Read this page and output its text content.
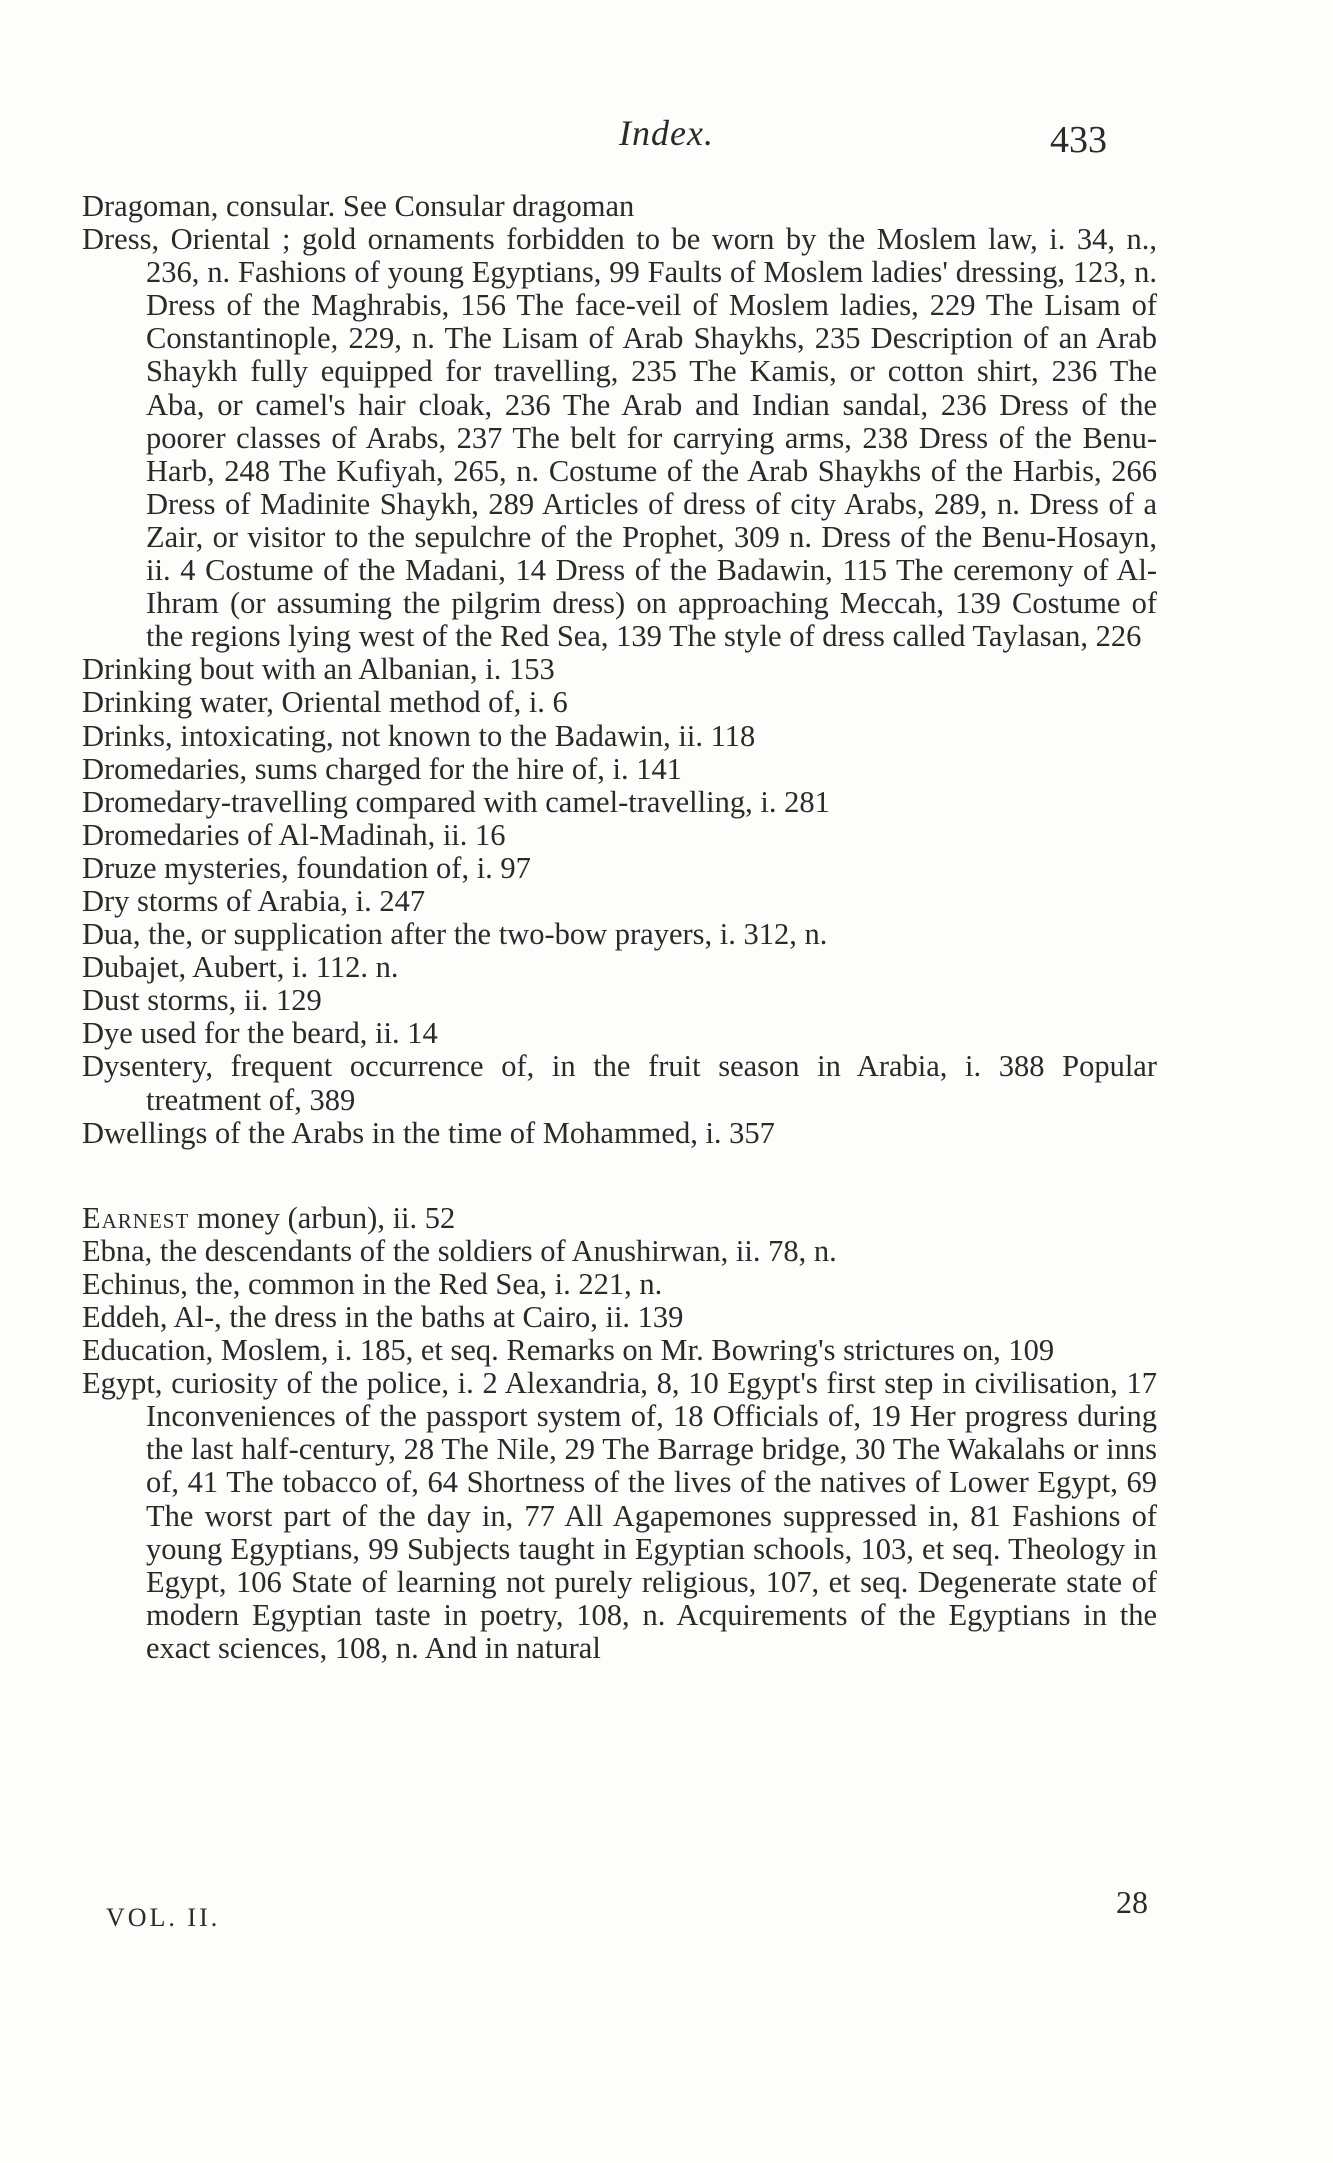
Index.	433
Dragoman, consular. See Consular dragoman
Dress, Oriental ; gold ornaments forbidden to be worn by the Moslem law, i. 34, n., 236, n. Fashions of young Egyptians, 99 Faults of Moslem ladies' dressing, 123, n. Dress of the Maghrabis, 156 The face-veil of Moslem ladies, 229 The Lisam of Constantinople, 229, n. The Lisam of Arab Shaykhs, 235 Description of an Arab Shaykh fully equipped for travelling, 235 The Kamis, or cotton shirt, 236 The Aba, or camel's hair cloak, 236 The Arab and Indian sandal, 236 Dress of the poorer classes of Arabs, 237 The belt for carrying arms, 238 Dress of the Benu-Harb, 248 The Kufiyah, 265, n. Costume of the Arab Shaykhs of the Harbis, 266 Dress of Madinite Shaykh, 289 Articles of dress of city Arabs, 289, n. Dress of a Zair, or visitor to the sepulchre of the Prophet, 309 n. Dress of the Benu-Hosayn, ii. 4 Costume of the Madani, 14 Dress of the Badawin, 115 The ceremony of Al-Ihram (or assuming the pilgrim dress) on approaching Meccah, 139 Costume of the regions lying west of the Red Sea, 139 The style of dress called Taylasan, 226
Drinking bout with an Albanian, i. 153
Drinking water, Oriental method of, i. 6
Drinks, intoxicating, not known to the Badawin, ii. 118
Dromedaries, sums charged for the hire of, i. 141
Dromedary-travelling compared with camel-travelling, i. 281
Dromedaries of Al-Madinah, ii. 16
Druze mysteries, foundation of, i. 97
Dry storms of Arabia, i. 247
Dua, the, or supplication after the two-bow prayers, i. 312, n.
Dubajet, Aubert, i. 112. n.
Dust storms, ii. 129
Dye used for the beard, ii. 14
Dysentery, frequent occurrence of, in the fruit season in Arabia, i. 388 Popular treatment of, 389
Dwellings of the Arabs in the time of Mohammed, i. 357
Earnest money (arbun), ii. 52
Ebna, the descendants of the soldiers of Anushirwan, ii. 78, n.
Echinus, the, common in the Red Sea, i. 221, n.
Eddeh, Al-, the dress in the baths at Cairo, ii. 139
Education, Moslem, i. 185, et seq. Remarks on Mr. Bowring's strictures on, 109
Egypt, curiosity of the police, i. 2 Alexandria, 8, 10 Egypt's first step in civilisation, 17 Inconveniences of the passport system of, 18 Officials of, 19 Her progress during the last half-century, 28 The Nile, 29 The Barrage bridge, 30 The Wakalahs or inns of, 41 The tobacco of, 64 Shortness of the lives of the natives of Lower Egypt, 69 The worst part of the day in, 77 All Agapemones suppressed in, 81 Fashions of young Egyptians, 99 Subjects taught in Egyptian schools, 103, et seq. Theology in Egypt, 106 State of learning not purely religious, 107, et seq. Degenerate state of modern Egyptian taste in poetry, 108, n. Acquirements of the Egyptians in the exact sciences, 108, n. And in natural
VOL. II.	28
